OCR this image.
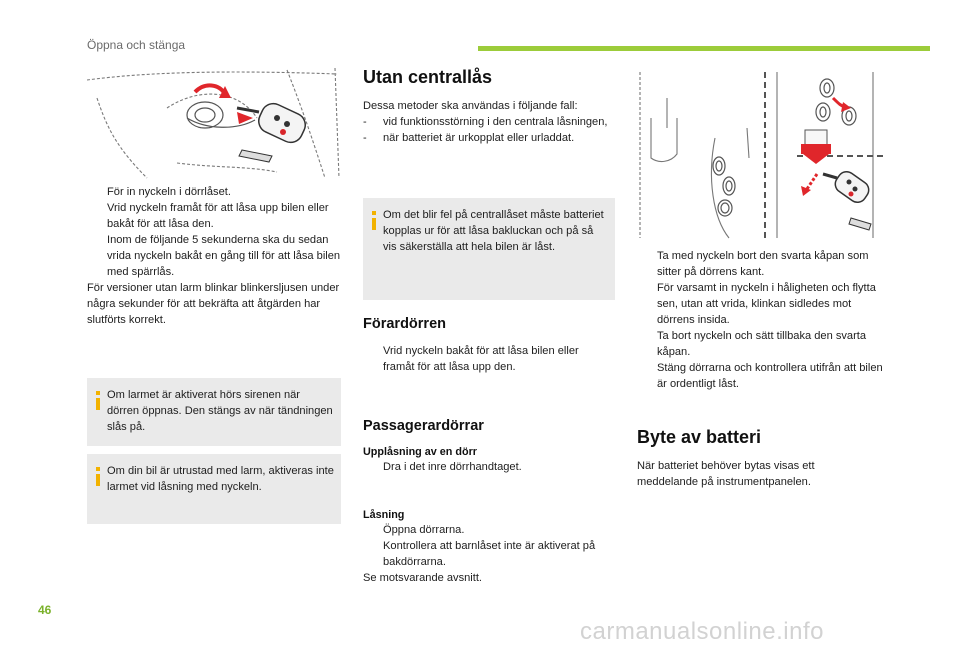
Öppna och stänga
För in nyckeln i dörrlåset.
Vrid nyckeln framåt för att låsa upp bilen eller bakåt för att låsa den.
Inom de följande 5 sekunderna ska du sedan vrida nyckeln bakåt en gång till för att låsa bilen med spärrlås.

För versioner utan larm blinkar blinkersljusen under några sekunder för att bekräfta att åtgärden har slutförts korrekt.

Om larmet är aktiverat hörs sirenen när dörren öppnas. Den stängs av när tändningen slås på.
Om din bil är utrustad med larm, aktiveras inte larmet vid låsning med nyckeln.
Utan centrallås
Dessa metoder ska användas i följande fall:
-	vid funktionsstörning i den centrala låsningen,
-	när batteriet är urkopplat eller urladdat.
Om det blir fel på centrallåset måste batteriet kopplas ur för att låsa bakluckan och på så vis säkerställa att hela bilen är låst.
Förardörren
Vrid nyckeln bakåt för att låsa bilen eller framåt för att låsa upp den.
Passagerardörrar
Upplåsning av en dörr
Dra i det inre dörrhandtaget.
Låsning
Öppna dörrarna.
Kontrollera att barnlåset inte är aktiverat på bakdörrarna.

Se motsvarande avsnitt.

Ta med nyckeln bort den svarta kåpan som sitter på dörrens kant.
För varsamt in nyckeln i håligheten och flytta sen, utan att vrida, klinkan sidledes mot dörrens insida.
Ta bort nyckeln och sätt tillbaka den svarta kåpan.
Stäng dörrarna och kontrollera utifrån att bilen är ordentligt låst.
Byte av batteri
När batteriet behöver bytas visas ett meddelande på instrumentpanelen.
46
carmanualsonline.info
